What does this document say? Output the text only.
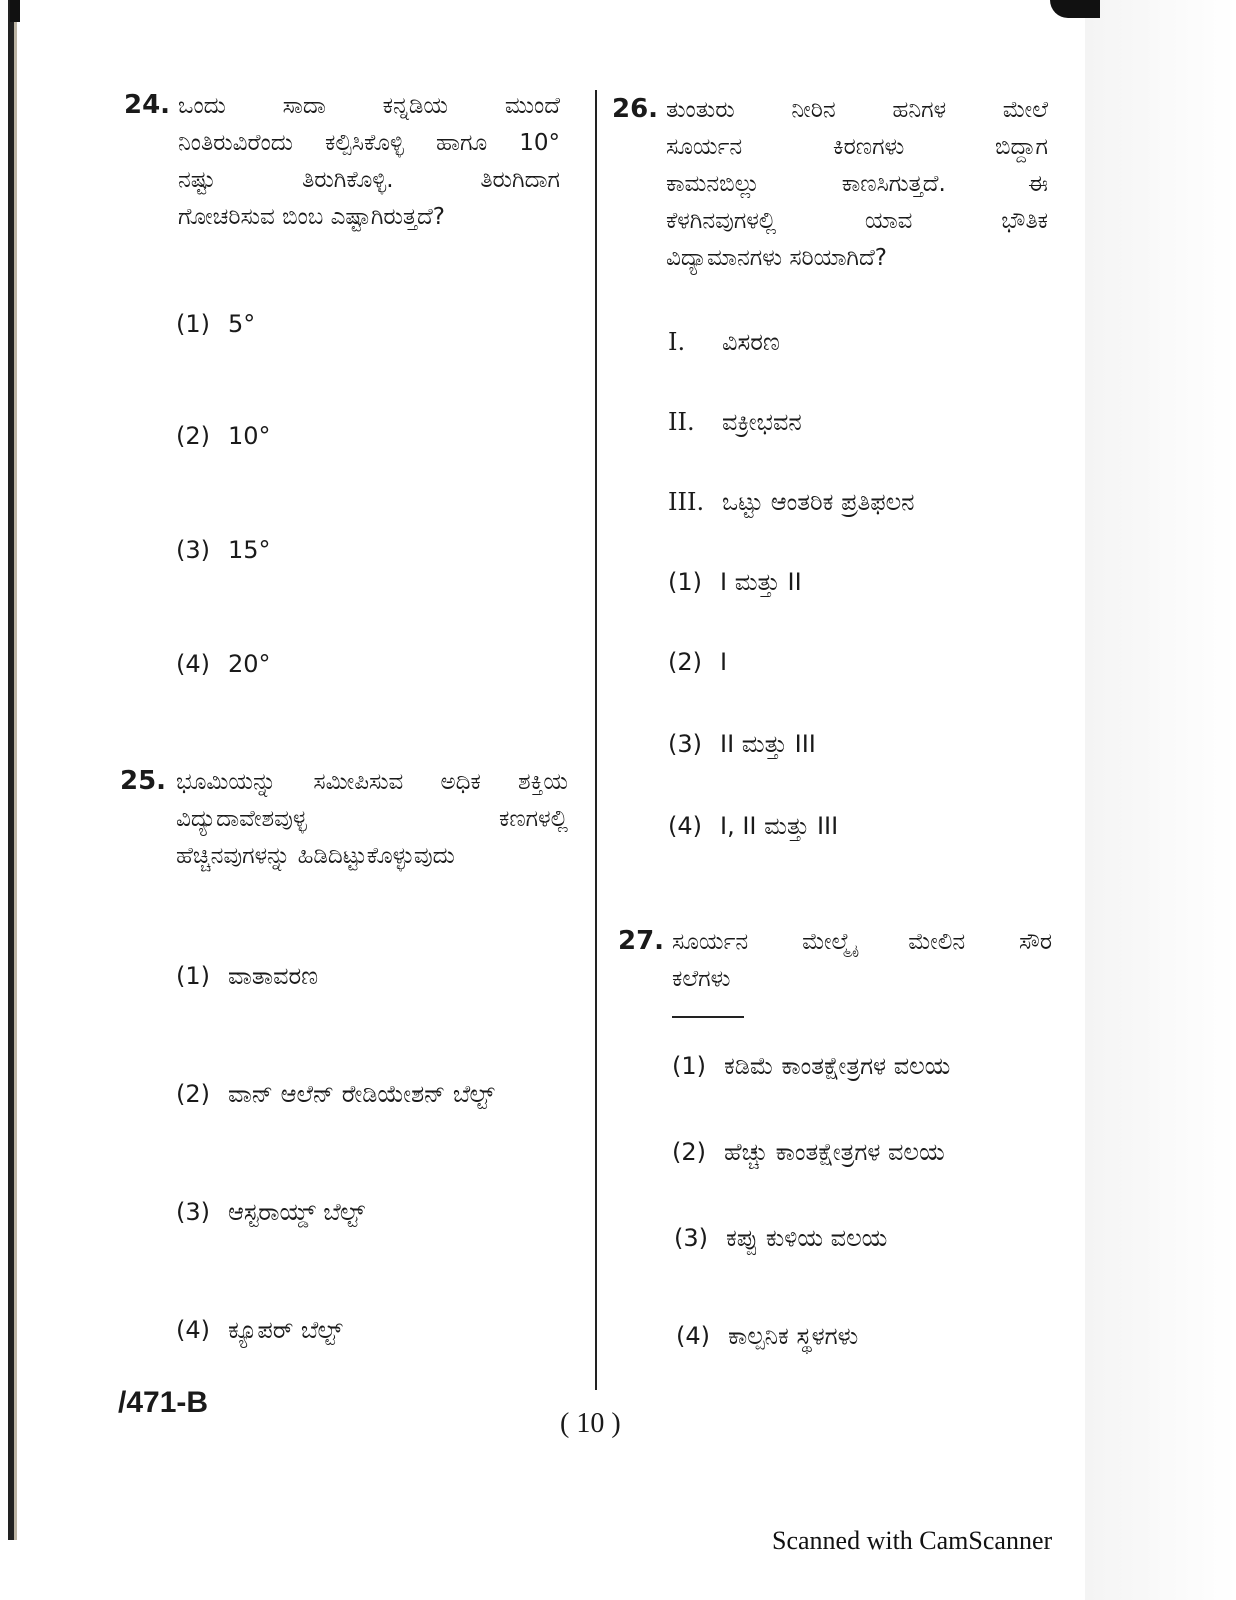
24. ಒಂದು ಸಾದಾ ಕನ್ನಡಿಯ ಮುಂದೆ
ನಿಂತಿರುವಿರೆಂದು ಕಲ್ಪಿಸಿಕೊಳ್ಳಿ ಹಾಗೂ 10°
ನಷ್ಟು ತಿರುಗಿಕೊಳ್ಳಿ. ತಿರುಗಿದಾಗ
ಗೋಚರಿಸುವ ಬಿಂಬ ಎಷ್ಟಾಗಿರುತ್ತದೆ?
(1) 5°
(2) 10°
(3) 15°
(4) 20°
25. ಭೂಮಿಯನ್ನು ಸಮೀಪಿಸುವ ಅಧಿಕ ಶಕ್ತಿಯ
ವಿದ್ಯುದಾವೇಶವುಳ್ಳ ಕಣಗಳಲ್ಲಿ
ಹೆಚ್ಚಿನವುಗಳನ್ನು ಹಿಡಿದಿಟ್ಟುಕೊಳ್ಳುವುದು
(1) ವಾತಾವರಣ
(2) ವಾನ್ ಆಲೆನ್ ರೇಡಿಯೇಶನ್ ಬೆಲ್ಟ್
(3) ಆಸ್ಟರಾಯ್ಡ್ ಬೆಲ್ಟ್
(4) ಕ್ಯೂಪರ್ ಬೆಲ್ಟ್
26. ತುಂತುರು ನೀರಿನ ಹನಿಗಳ ಮೇಲೆ
ಸೂರ್ಯನ ಕಿರಣಗಳು ಬಿದ್ದಾಗ
ಕಾಮನಬಿಲ್ಲು ಕಾಣಸಿಗುತ್ತದೆ. ಈ
ಕೆಳಗಿನವುಗಳಲ್ಲಿ ಯಾವ ಭೌತಿಕ
ವಿದ್ಯಾಮಾನಗಳು ಸರಿಯಾಗಿದೆ?
I.	ವಿಸರಣ
II.	ವಕ್ರೀಭವನ
III. ಒಟ್ಟು ಆಂತರಿಕ ಪ್ರತಿಫಲನ
(1) I ಮತ್ತು II
(2) I
(3) II ಮತ್ತು III
(4) I, II ಮತ್ತು III
27. ಸೂರ್ಯನ ಮೇಲ್ಮೈ ಮೇಲಿನ ಸೌರ
ಕಲೆಗಳು
(1) ಕಡಿಮೆ ಕಾಂತಕ್ಷೇತ್ರಗಳ ವಲಯ
(2) ಹೆಚ್ಚು ಕಾಂತಕ್ಷೇತ್ರಗಳ ವಲಯ
(3) ಕಪ್ಪು ಕುಳಿಯ ವಲಯ
(4) ಕಾಲ್ಪನಿಕ ಸ್ಥಳಗಳು
/471-B
( 10 )
Scanned with CamScanner
